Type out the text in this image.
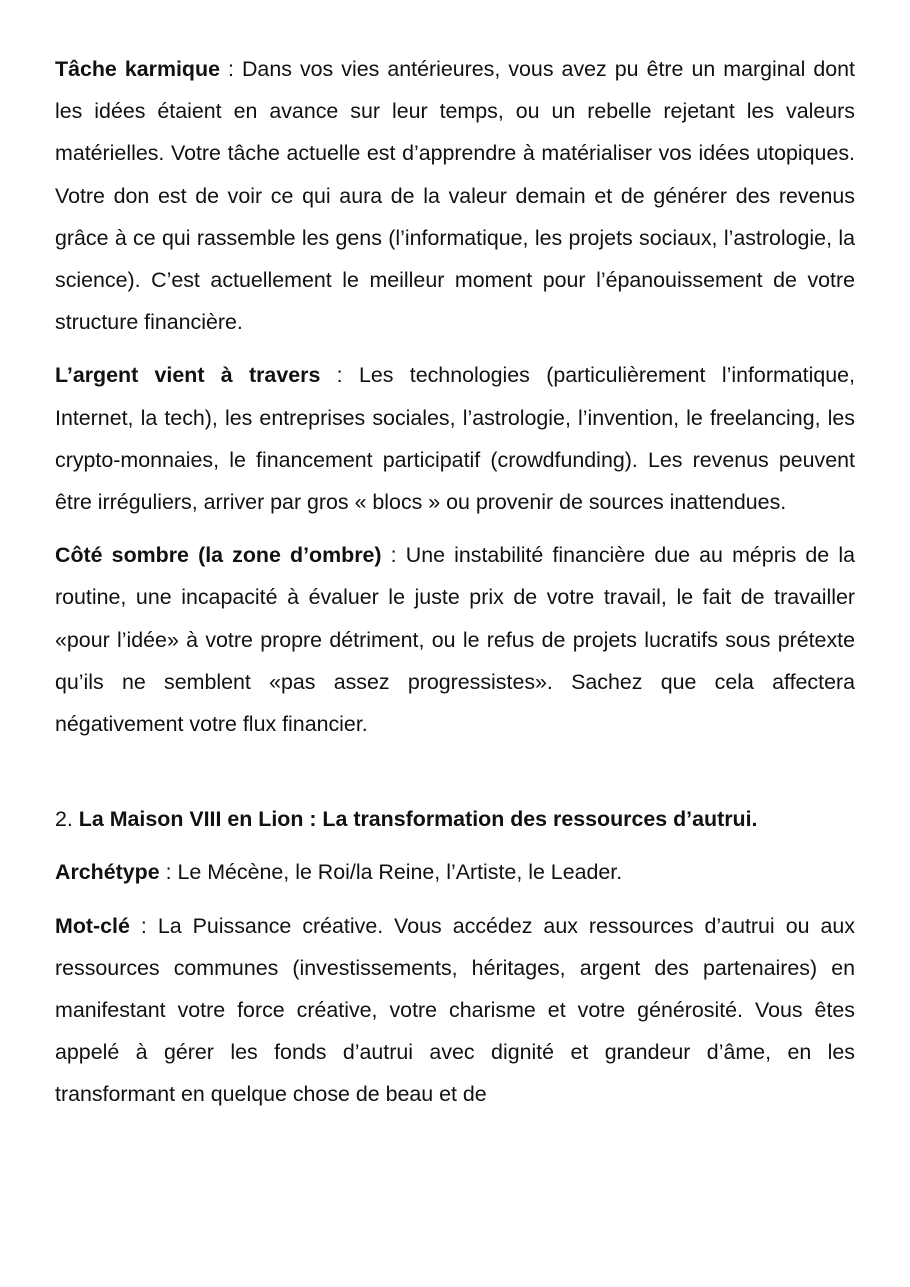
Tâche karmique : Dans vos vies antérieures, vous avez pu être un marginal dont les idées étaient en avance sur leur temps, ou un rebelle rejetant les valeurs matérielles. Votre tâche actuelle est d’apprendre à matérialiser vos idées utopiques. Votre don est de voir ce qui aura de la valeur demain et de générer des revenus grâce à ce qui rassemble les gens (l’informatique, les projets sociaux, l’astrologie, la science). C’est actuellement le meilleur moment pour l’épanouissement de votre structure financière.

L’argent vient à travers : Les technologies (particulièrement l’informatique, Internet, la tech), les entreprises sociales, l’astrologie, l’invention, le freelancing, les crypto-monnaies, le financement participatif (crowdfunding). Les revenus peuvent être irréguliers, arriver par gros « blocs » ou provenir de sources inattendues.

Côté sombre (la zone d’ombre) : Une instabilité financière due au mépris de la routine, une incapacité à évaluer le juste prix de votre travail, le fait de travailler «pour l’idée» à votre propre détriment, ou le refus de projets lucratifs sous prétexte qu’ils ne semblent «pas assez progressistes». Sachez que cela affectera négativement votre flux financier.

2. La Maison VIII en Lion : La transformation des ressources d’autrui.

Archétype : Le Mécène, le Roi/la Reine, l’Artiste, le Leader.

Mot-clé : La Puissance créative. Vous accédez aux ressources d’autrui ou aux ressources communes (investissements, héritages, argent des partenaires) en manifestant votre force créative, votre charisme et votre générosité. Vous êtes appelé à gérer les fonds d’autrui avec dignité et grandeur d’âme, en les transformant en quelque chose de beau et de
